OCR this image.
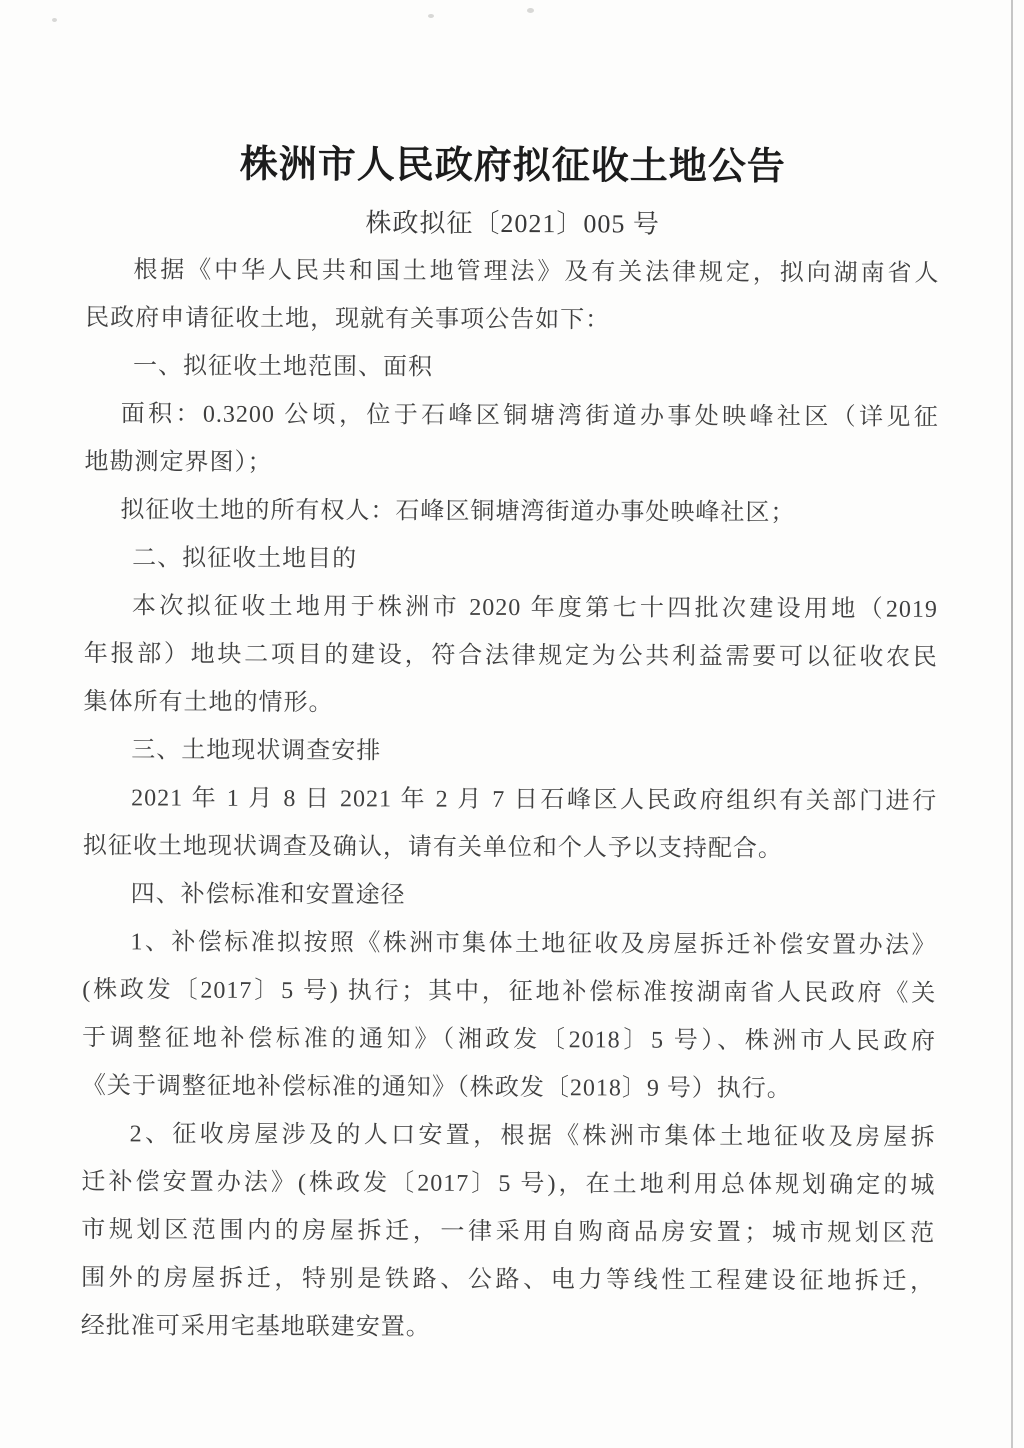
株洲市人民政府拟征收土地公告
株政拟征〔2021〕005 号
根据《中华人民共和国土地管理法》及有关法律规定，拟向湖南省人
民政府申请征收土地，现就有关事项公告如下：
一、拟征收土地范围、面积
面积：0.3200 公顷，位于石峰区铜塘湾街道办事处映峰社区（详见征
地勘测定界图）；
拟征收土地的所有权人：石峰区铜塘湾街道办事处映峰社区；
二、拟征收土地目的
本次拟征收土地用于株洲市 2020 年度第七十四批次建设用地（2019
年报部）地块二项目的建设，符合法律规定为公共利益需要可以征收农民
集体所有土地的情形。
三、土地现状调查安排
2021 年 1 月 8 日 2021 年 2 月 7 日石峰区人民政府组织有关部门进行
拟征收土地现状调查及确认，请有关单位和个人予以支持配合。
四、补偿标准和安置途径
1、补偿标准拟按照《株洲市集体土地征收及房屋拆迁补偿安置办法》
(株政发〔2017〕5 号) 执行；其中，征地补偿标准按湖南省人民政府《关
于调整征地补偿标准的通知》（湘政发〔2018〕5 号）、株洲市人民政府
《关于调整征地补偿标准的通知》（株政发〔2018〕9 号）执行。
2、征收房屋涉及的人口安置，根据《株洲市集体土地征收及房屋拆
迁补偿安置办法》(株政发〔2017〕5 号)，在土地利用总体规划确定的城
市规划区范围内的房屋拆迁，一律采用自购商品房安置；城市规划区范
围外的房屋拆迁，特别是铁路、公路、电力等线性工程建设征地拆迁，
经批准可采用宅基地联建安置。
